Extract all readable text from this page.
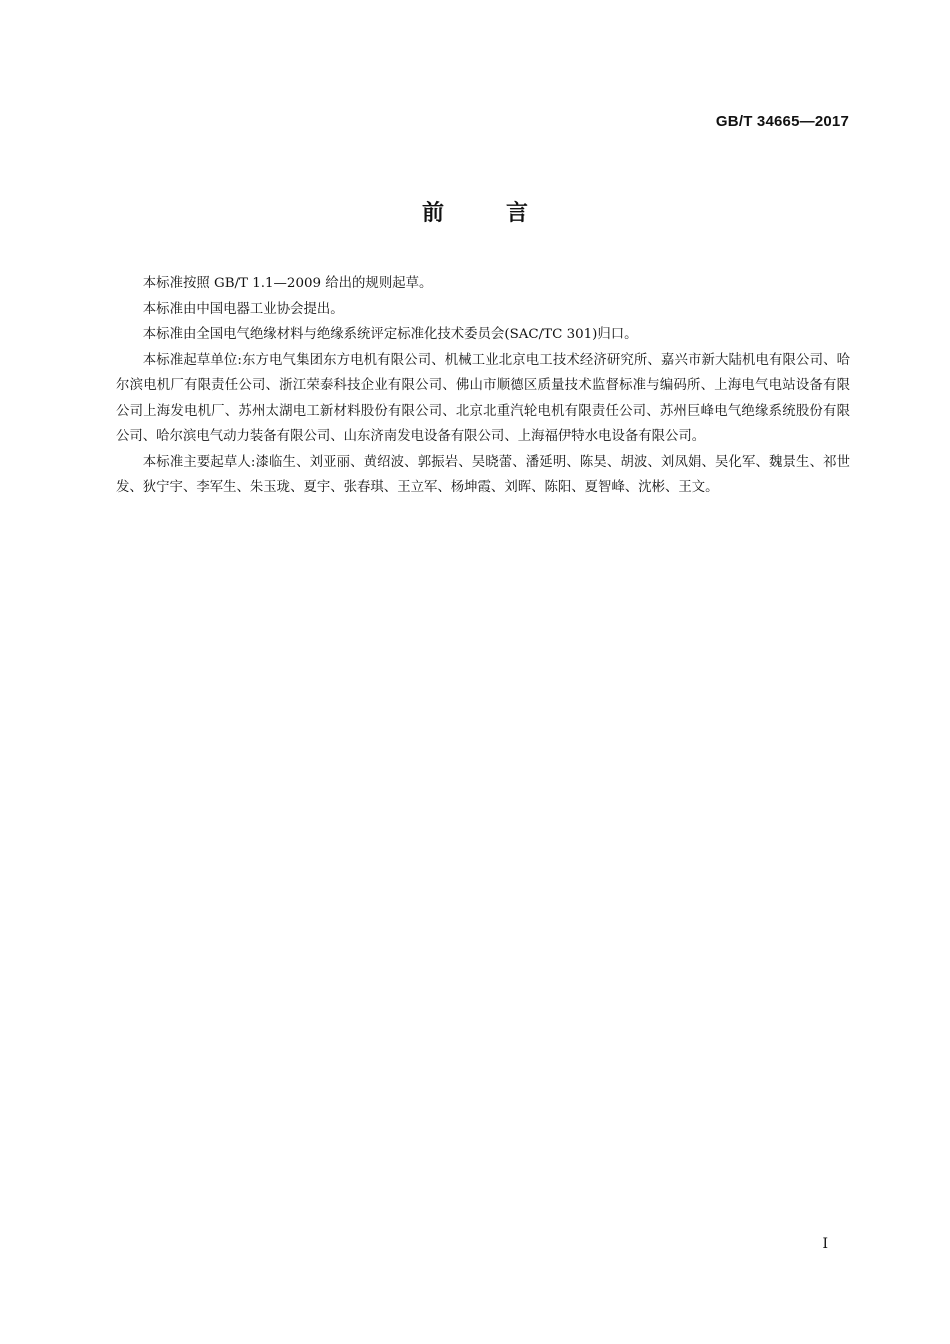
GB/T 34665—2017
前言

本标准按照 GB/T 1.1—2009 给出的规则起草。

本标准由中国电器工业协会提出。

本标准由全国电气绝缘材料与绝缘系统评定标准化技术委员会(SAC/TC 301)归口。

本标准起草单位:东方电气集团东方电机有限公司、机械工业北京电工技术经济研究所、嘉兴市新大陆机电有限公司、哈尔滨电机厂有限责任公司、浙江荣泰科技企业有限公司、佛山市顺德区质量技术监督标准与编码所、上海电气电站设备有限公司上海发电机厂、苏州太湖电工新材料股份有限公司、北京北重汽轮电机有限责任公司、苏州巨峰电气绝缘系统股份有限公司、哈尔滨电气动力装备有限公司、山东济南发电设备有限公司、上海福伊特水电设备有限公司。

本标准主要起草人:漆临生、刘亚丽、黄绍波、郭振岩、吴晓蕾、潘延明、陈昊、胡波、刘凤娟、吴化军、魏景生、祁世发、狄宁宇、李军生、朱玉珑、夏宇、张春琪、王立军、杨坤霞、刘晖、陈阳、夏智峰、沈彬、王文。

I
